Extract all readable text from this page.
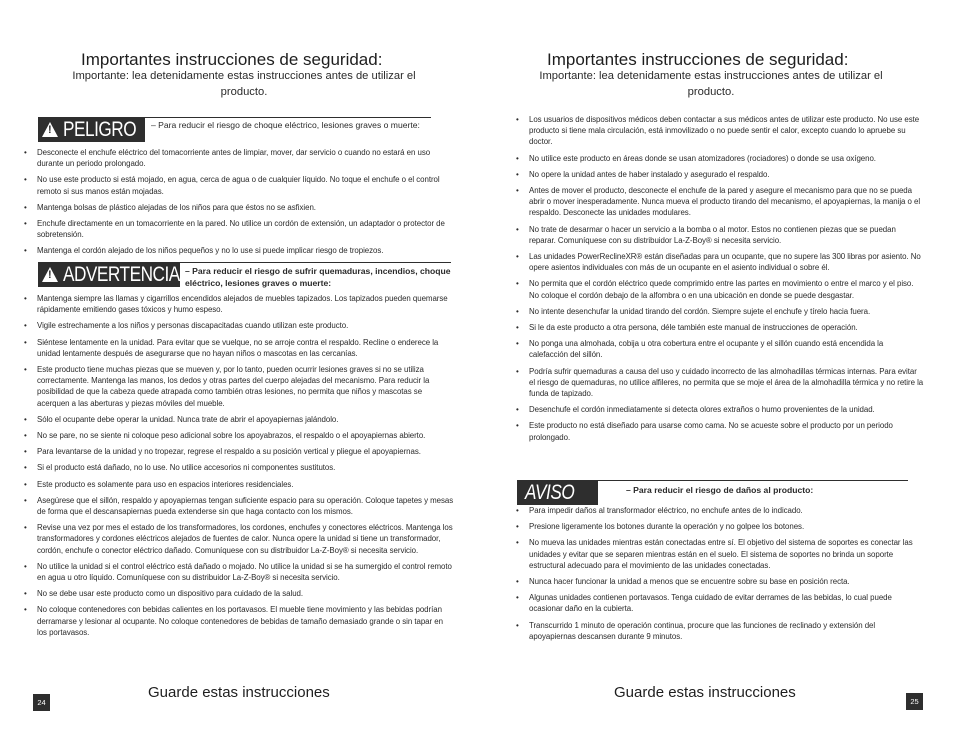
Importantes instrucciones de seguridad:
Importante: lea detenidamente estas instrucciones antes de utilizar el producto.
! PELIGRO – Para reducir el riesgo de choque eléctrico, lesiones graves o muerte:
• Desconecte el enchufe eléctrico del tomacorriente antes de limpiar, mover, dar servicio o cuando no estará en uso durante un periodo prolongado.
• No use este producto si está mojado, en agua, cerca de agua o de cualquier líquido. No toque el enchufe o el control remoto si sus manos están mojadas.
• Mantenga bolsas de plástico alejadas de los niños para que éstos no se asfixien.
• Enchufe directamente en un tomacorriente en la pared. No utilice un cordón de extensión, un adaptador o protector de sobretensión.
• Mantenga el cordón alejado de los niños pequeños y no lo use si puede implicar riesgo de tropiezos.
! ADVERTENCIA – Para reducir el riesgo de sufrir quemaduras, incendios, choque eléctrico, lesiones graves o muerte:
• Mantenga siempre las llamas y cigarrillos encendidos alejados de muebles tapizados. Los tapizados pueden quemarse rápidamente emitiendo gases tóxicos y humo espeso.
• Vigile estrechamente a los niños y personas discapacitadas cuando utilizan este producto.
• Siéntese lentamente en la unidad. Para evitar que se vuelque, no se arroje contra el respaldo. Recline o enderece la unidad lentamente después de asegurarse que no hayan niños o mascotas en las cercanías.
• Este producto tiene muchas piezas que se mueven y, por lo tanto, pueden ocurrir lesiones graves si no se utiliza correctamente. Mantenga las manos, los dedos y otras partes del cuerpo alejadas del mecanismo. Para reducir la posibilidad de que la cabeza quede atrapada como también otras lesiones, no permita que niños y mascotas se acerquen a las aberturas y piezas móviles del mueble.
• Sólo el ocupante debe operar la unidad. Nunca trate de abrir el apoyapiernas jalándolo.
• No se pare, no se siente ni coloque peso adicional sobre los apoyabrazos, el respaldo o el apoyapiernas abierto.
• Para levantarse de la unidad y no tropezar, regrese el respaldo a su posición vertical y pliegue el apoyapiernas.
• Si el producto está dañado, no lo use. No utilice accesorios ni componentes sustitutos.
• Este producto es solamente para uso en espacios interiores residenciales.
• Asegúrese que el sillón, respaldo y apoyapiernas tengan suficiente espacio para su operación. Coloque tapetes y mesas de forma que el descansapiernas pueda extenderse sin que haga contacto con los mismos.
• Revise una vez por mes el estado de los transformadores, los cordones, enchufes y conectores eléctricos. Mantenga los transformadores y cordones eléctricos alejados de fuentes de calor. Nunca opere la unidad si tiene un transformador, cordón, enchufe o conector eléctrico dañado. Comuníquese con su distribuidor La-Z-Boy® si necesita servicio.
• No utilice la unidad si el control eléctrico está dañado o mojado. No utilice la unidad si se ha sumergido el control remoto en agua u otro líquido. Comuníquese con su distribuidor La-Z-Boy® si necesita servicio.
• No se debe usar este producto como un dispositivo para cuidado de la salud.
• No coloque contenedores con bebidas calientes en los portavasos. El mueble tiene movimiento y las bebidas podrían derramarse y lesionar al ocupante. No coloque contenedores de bebidas de tamaño demasiado grande o sin tapar en los portavasos.
Guarde estas instrucciones
24
Importantes instrucciones de seguridad:
Importante: lea detenidamente estas instrucciones antes de utilizar el producto.
• Los usuarios de dispositivos médicos deben contactar a sus médicos antes de utilizar este producto. No use este producto si tiene mala circulación, está inmovilizado o no puede sentir el calor, excepto cuando lo apruebe su doctor.
• No utilice este producto en áreas donde se usan atomizadores (rociadores) o donde se usa oxígeno.
• No opere la unidad antes de haber instalado y asegurado el respaldo.
• Antes de mover el producto, desconecte el enchufe de la pared y asegure el mecanismo para que no se pueda abrir o mover inesperadamente. Nunca mueva el producto tirando del mecanismo, el apoyapiernas, la manija o el respaldo. Desconecte las unidades modulares.
• No trate de desarmar o hacer un servicio a la bomba o al motor. Estos no contienen piezas que se puedan reparar. Comuníquese con su distribuidor La-Z-Boy® si necesita servicio.
• Las unidades PowerReclineXR® están diseñadas para un ocupante, que no supere las 300 libras por asiento. No opere asientos individuales con más de un ocupante en el asiento individual o sobre él.
• No permita que el cordón eléctrico quede comprimido entre las partes en movimiento o entre el marco y el piso. No coloque el cordón debajo de la alfombra o en una ubicación en donde se puede desgastar.
• No intente desenchufar la unidad tirando del cordón. Siempre sujete el enchufe y tírelo hacia fuera.
• Si le da este producto a otra persona, déle también este manual de instrucciones de operación.
• No ponga una almohada, cobija u otra cobertura entre el ocupante y el sillón cuando está encendida la calefacción del sillón.
• Podría sufrir quemaduras a causa del uso y cuidado incorrecto de las almohadillas térmicas internas. Para evitar el riesgo de quemaduras, no utilice alfileres, no permita que se moje el área de la almohadilla térmica y no retire la funda de tapizado.
• Desenchufe el cordón inmediatamente si detecta olores extraños o humo provenientes de la unidad.
• Este producto no está diseñado para usarse como cama. No se acueste sobre el producto por un periodo prolongado.
AVISO	– Para reducir el riesgo de daños al producto:
• Para impedir daños al transformador eléctrico, no enchufe antes de lo indicado.
• Presione ligeramente los botones durante la operación y no golpee los botones.
• No mueva las unidades mientras están conectadas entre sí. El objetivo del sistema de soportes es conectar las unidades y evitar que se separen mientras están en el suelo. El sistema de soportes no brinda un soporte estructural adecuado para el movimiento de las unidades conectadas.
• Nunca hacer funcionar la unidad a menos que se encuentre sobre su base en posición recta.
• Algunas unidades contienen portavasos. Tenga cuidado de evitar derrames de las bebidas, lo cual puede ocasionar daño en la cubierta.
• Transcurrido 1 minuto de operación continua, procure que las funciones de reclinado y extensión del apoyapiernas descansen durante 9 minutos.
Guarde estas instrucciones
25
